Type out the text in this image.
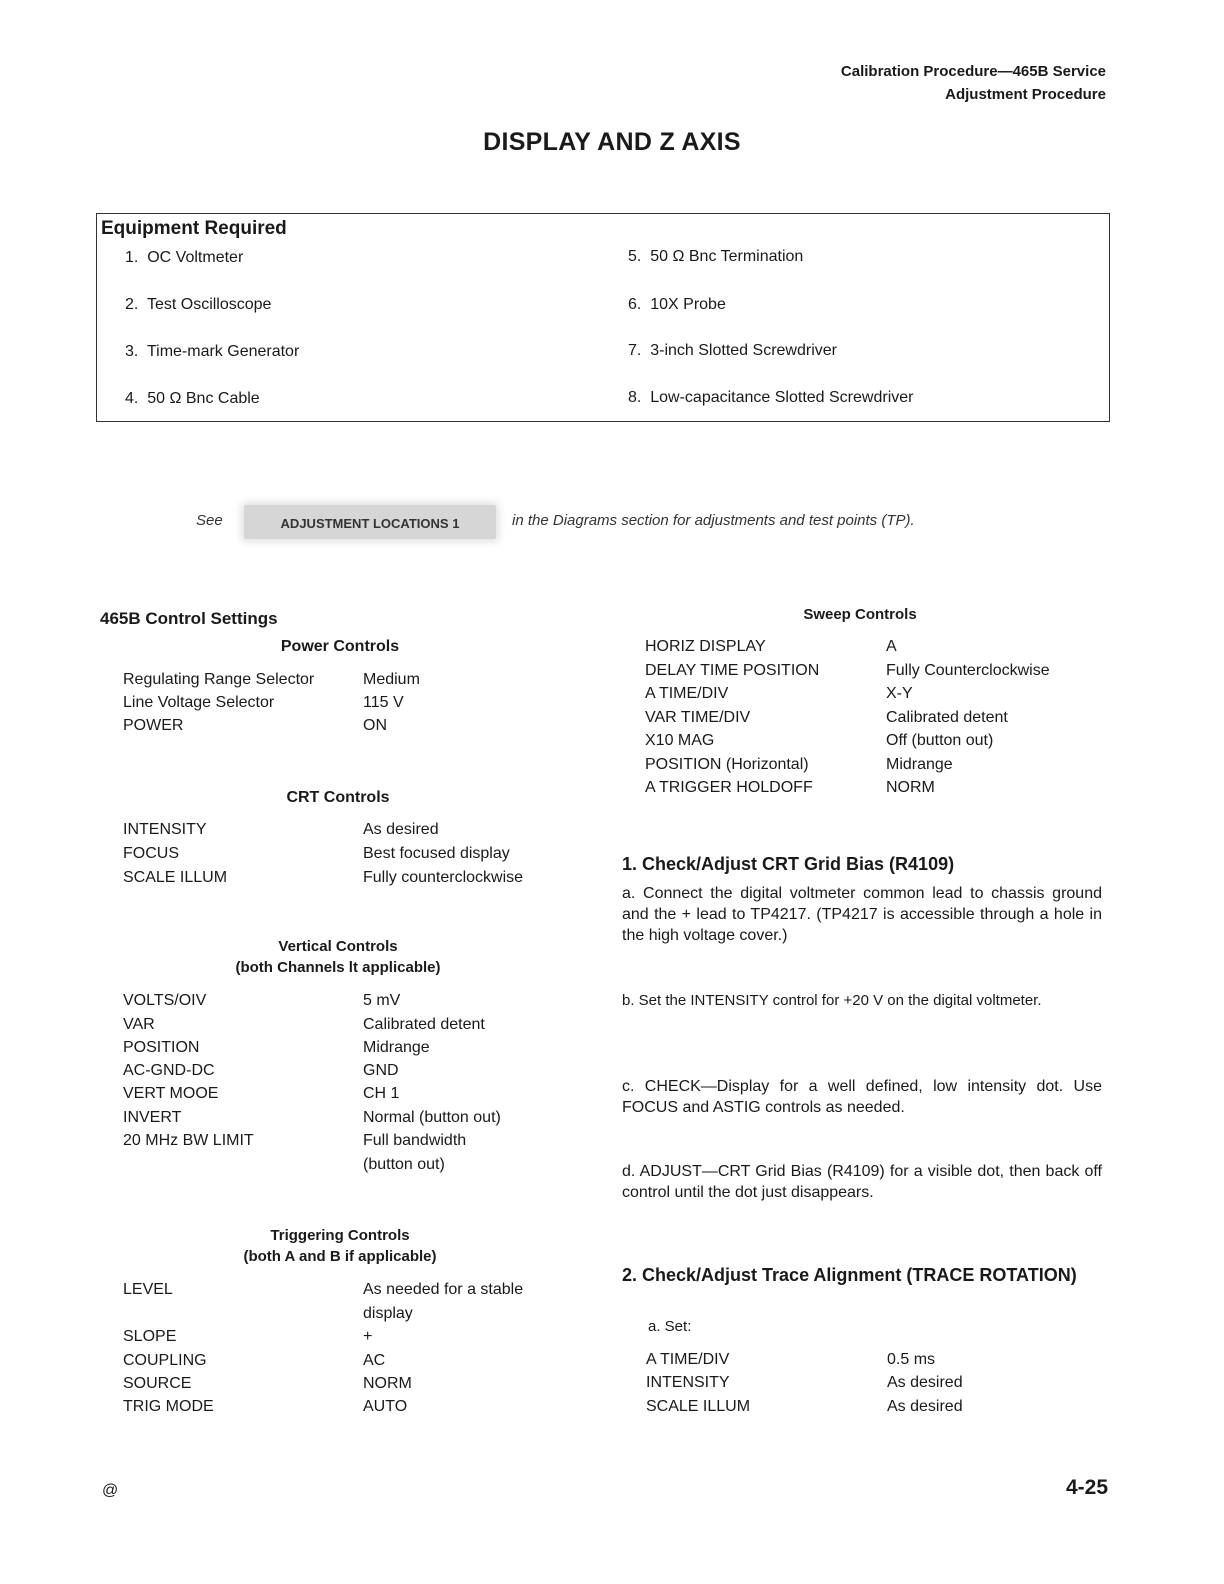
Calibration Procedure—465B Service
Adjustment Procedure
DISPLAY AND Z AXIS
Equipment Required
1. OC Voltmeter
2. Test Oscilloscope
3. Time-mark Generator
4. 50 Ω Bnc Cable
5. 50 Ω Bnc Termination
6. 10X Probe
7. 3-inch Slotted Screwdriver
8. Low-capacitance Slotted Screwdriver
See	ADJUSTMENT LOCATIONS 1	in the Diagrams section for adjustments and test points (TP).
465B Control Settings
Power Controls
Regulating Range Selector	Medium
Line Voltage Selector	115 V
POWER	ON
CRT Controls
INTENSITY	As desired
FOCUS	Best focused display
SCALE ILLUM	Fully counterclockwise
Vertical Controls
(both Channels lt applicable)
VOLTS/OIV	5 mV
VAR	Calibrated detent
POSITION	Midrange
AC-GND-DC	GND
VERT MOOE	CH 1
INVERT	Normal (button out)
20 MHz BW LIMIT	Full bandwidth
(button out)
Triggering Controls
(both A and B if applicable)
LEVEL	As needed for a stable
display
SLOPE	+
COUPLING	AC
SOURCE	NORM
TRIG MODE	AUTO
Sweep Controls
HORIZ DISPLAY	A
DELAY TIME POSITION	Fully Counterclockwise
A TIME/DIV	X-Y
VAR TIME/DIV	Calibrated detent
X10 MAG	Off (button out)
POSITION (Horizontal)	Midrange
A TRIGGER HOLDOFF	NORM
1. Check/Adjust CRT Grid Bias (R4109)
a. Connect the digital voltmeter common lead to chassis ground and the + lead to TP4217. (TP4217 is accessible through a hole in the high voltage cover.)
b. Set the INTENSITY control for +20 V on the digital voltmeter.
c. CHECK—Display for a well defined, low intensity dot. Use FOCUS and ASTIG controls as needed.
d. ADJUST—CRT Grid Bias (R4109) for a visible dot, then back off control until the dot just disappears.
2. Check/Adjust Trace Alignment (TRACE ROTATION)
a. Set:
A TIME/DIV	0.5 ms
INTENSITY	As desired
SCALE ILLUM	As desired
@	4-25
